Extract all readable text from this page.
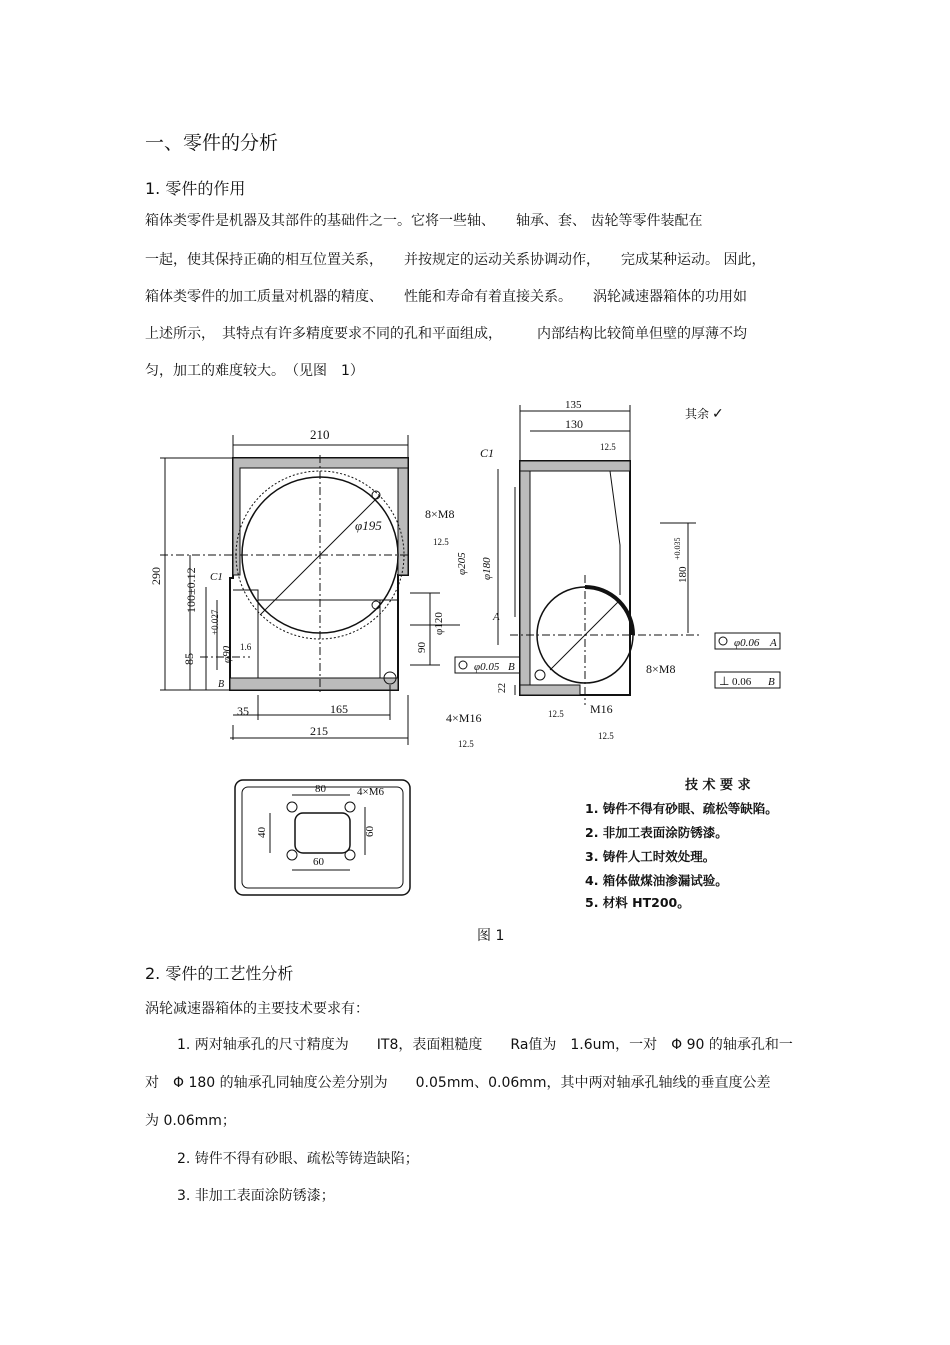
一、零件的分析
1. 零件的作用
箱体类零件是机器及其部件的基础件之一。它将一些轴、　　轴承、套、 齿轮等零件装配在
一起，使其保持正确的相互位置关系，　　并按规定的运动关系协调动作，　　完成某种运动。 因此，
箱体类零件的加工质量对机器的精度、　　性能和寿命有着直接关系。　　涡轮减速器箱体的功用如
上述所示，　其特点有许多精度要求不同的孔和平面组成，　　　内部结构比较简单但壁的厚薄不均
匀，加工的难度较大。　（见图　1）
210
290 100±0.12
85
165
215
35
φ195
C1
φ90
+0.027	φ120
90
8×M8
12.5
4×M16
12.5
1.6
B
φ0.05 B
135
130
C1
φ205 φ180	180
+0.035
A
22
8×M8
M16
12.5
12.5
12.5
其余 ✓
φ0.06 A
⊥ 0.06 B
80	4×M6
40	60
60
技 术 要 求
1. 铸件不得有砂眼、疏松等缺陷。
2. 非加工表面涂防锈漆。
3. 铸件人工时效处理。
4. 箱体做煤油渗漏试验。
5. 材料 HT200。
图 1
2. 零件的工艺性分析
涡轮减速器箱体的主要技术要求有：
1. 两对轴承孔的尺寸精度为　　IT8，表面粗糙度　　Ra值为　1.6um，一对　Φ 90 的轴承孔和一
对　Φ 180 的轴承孔同轴度公差分别为　　0.05mm、0.06mm，其中两对轴承孔轴线的垂直度公差
为 0.06mm；
2. 铸件不得有砂眼、疏松等铸造缺陷；
3. 非加工表面涂防锈漆；
